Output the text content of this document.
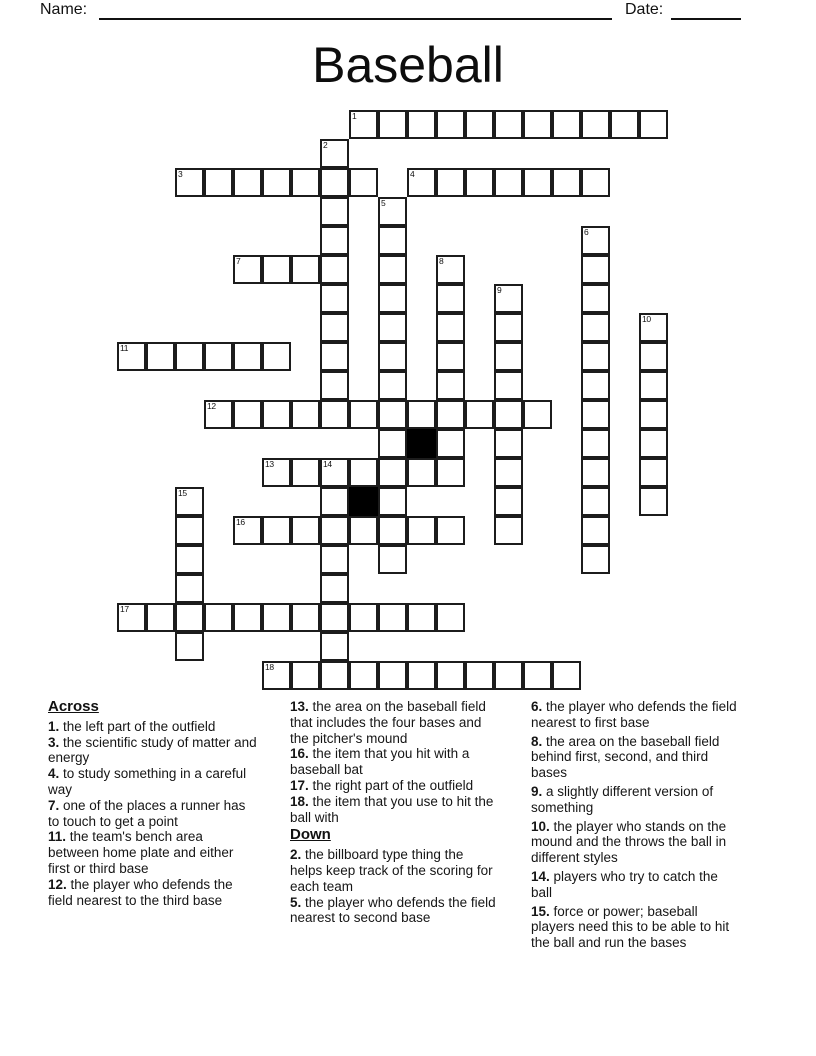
Name:	Date:
Baseball
1
2
3	4
5
6
7	8
9
10
11
12
13	14
15
16
17
18
Across
1. the left part of the outfield
3. the scientific study of matter and energy
4. to study something in a careful way
7. one of the places a runner has to touch to get a point
11. the team's bench area between home plate and either first or third base
12. the player who defends the field nearest to the third base
13. the area on the baseball field that includes the four bases and the pitcher's mound
16. the item that you hit with a baseball bat
17. the right part of the outfield
18. the item that you use to hit the ball with
Down
2. the billboard type thing the helps keep track of the scoring for each team
5. the player who defends the field nearest to second base
6. the player who defends the field nearest to first base
8. the area on the baseball field behind first, second, and third bases
9. a slightly different version of something
10. the player who stands on the mound and the throws the ball in different styles
14. players who try to catch the ball
15. force or power; baseball players need this to be able to hit the ball and run the bases
